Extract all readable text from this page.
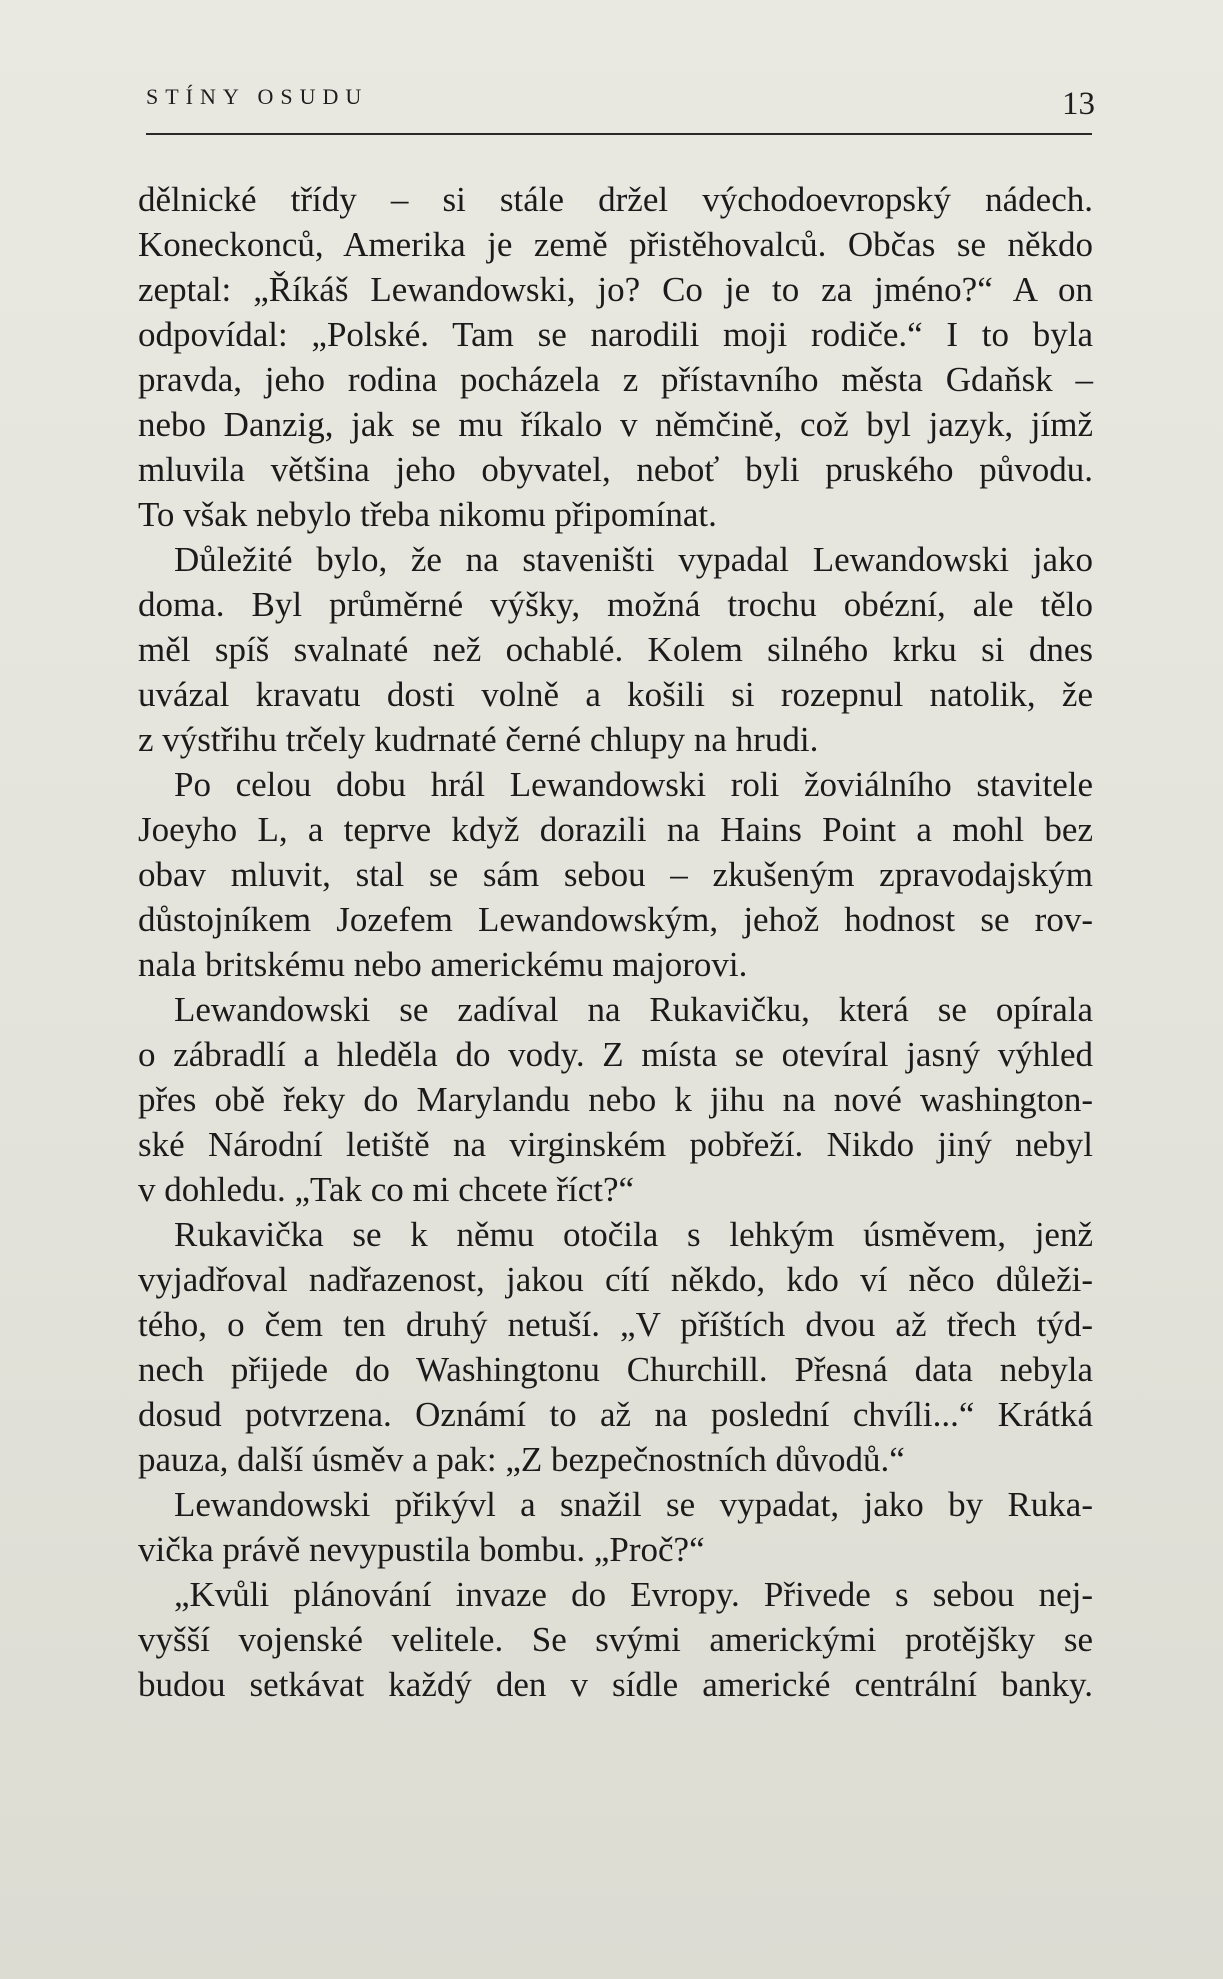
STÍNY OSUDU	13
dělnické třídy – si stále držel východoevropský nádech.
Koneckonců, Amerika je země přistěhovalců. Občas se někdo
zeptal: „Říkáš Lewandowski, jo? Co je to za jméno?“ A on
odpovídal: „Polské. Tam se narodili moji rodiče.“ I to byla
pravda, jeho rodina pocházela z přístavního města Gdaňsk –
nebo Danzig, jak se mu říkalo v němčině, což byl jazyk, jímž
mluvila většina jeho obyvatel, neboť byli pruského původu.
To však nebylo třeba nikomu připomínat.
Důležité bylo, že na staveništi vypadal Lewandowski jako
doma. Byl průměrné výšky, možná trochu obézní, ale tělo
měl spíš svalnaté než ochablé. Kolem silného krku si dnes
uvázal kravatu dosti volně a košili si rozepnul natolik, že
z výstřihu trčely kudrnaté černé chlupy na hrudi.
Po celou dobu hrál Lewandowski roli žoviálního stavitele
Joeyho L, a teprve když dorazili na Hains Point a mohl bez
obav mluvit, stal se sám sebou – zkušeným zpravodajským
důstojníkem Jozefem Lewandowským, jehož hodnost se rov-
nala britskému nebo americkému majorovi.
Lewandowski se zadíval na Rukavičku, která se opírala
o zábradlí a hleděla do vody. Z místa se otevíral jasný výhled
přes obě řeky do Marylandu nebo k jihu na nové washington-
ské Národní letiště na virginském pobřeží. Nikdo jiný nebyl
v dohledu. „Tak co mi chcete říct?“
Rukavička se k němu otočila s lehkým úsměvem, jenž
vyjadřoval nadřazenost, jakou cítí někdo, kdo ví něco důleži-
tého, o čem ten druhý netuší. „V příštích dvou až třech týd-
nech přijede do Washingtonu Churchill. Přesná data nebyla
dosud potvrzena. Oznámí to až na poslední chvíli...“ Krátká
pauza, další úsměv a pak: „Z bezpečnostních důvodů.“
Lewandowski přikývl a snažil se vypadat, jako by Ruka-
vička právě nevypustila bombu. „Proč?“
„Kvůli plánování invaze do Evropy. Přivede s sebou nej-
vyšší vojenské velitele. Se svými americkými protějšky se
budou setkávat každý den v sídle americké centrální banky.
